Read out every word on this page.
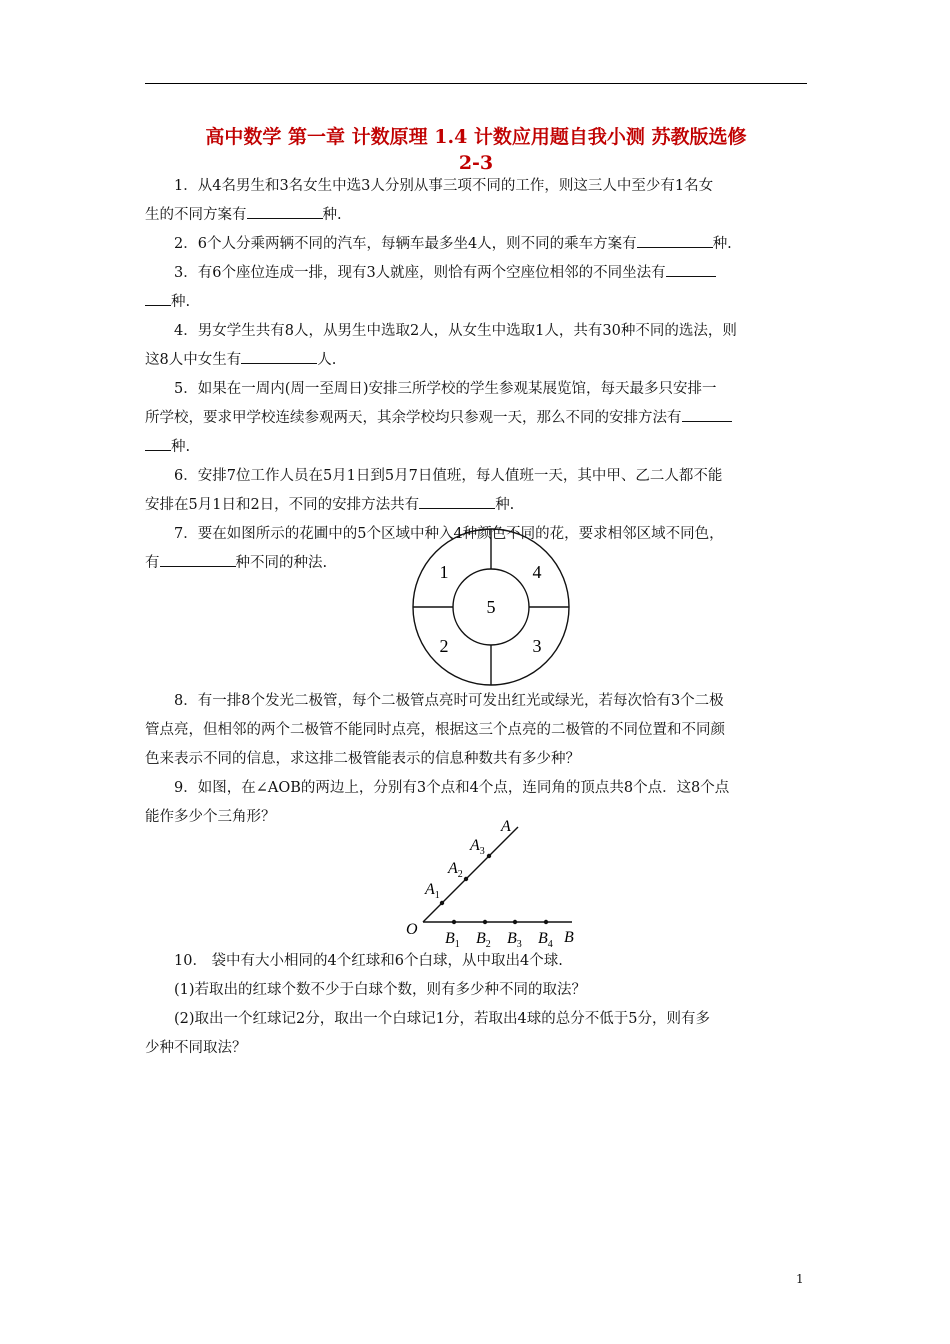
高中数学 第一章 计数原理 1.4 计数应用题自我小测 苏教版选修
2-3

1．从4名男生和3名女生中选3人分别从事三项不同的工作，则这三人中至少有1名女

生的不同方案有	种.

2．6个人分乘两辆不同的汽车，每辆车最多坐4人，则不同的乘车方案有	种.

3．有6个座位连成一排，现有3人就座，则恰有两个空座位相邻的不同坐法有

种.

4．男女学生共有8人，从男生中选取2人，从女生中选取1人，共有30种不同的选法，则

这8人中女生有	人.

5．如果在一周内(周一至周日)安排三所学校的学生参观某展览馆，每天最多只安排一

所学校，要求甲学校连续参观两天，其余学校均只参观一天，那么不同的安排方法有

种.

6．安排7位工作人员在5月1日到5月7日值班，每人值班一天，其中甲、乙二人都不能

安排在5月1日和2日，不同的安排方法共有	种.

7．要在如图所示的花圃中的5个区域中种入4种颜色不同的花，要求相邻区域不同色，

有	种不同的种法.	1	4
5
2	3

8．有一排8个发光二极管，每个二极管点亮时可发出红光或绿光，若每次恰有3个二极

管点亮，但相邻的两个二极管不能同时点亮，根据这三个点亮的二极管的不同位置和不同颜

色来表示不同的信息，求这排二极管能表示的信息种数共有多少种？

9．如图，在∠AOB的两边上，分别有3个点和4个点，连同角的顶点共8个点．这8个点

能作多少个三角形？

O
A
B
$A_1$
$A_2$
$A_3$
$B_1$ $B_2$ $B_3$ $B_4$

10． 袋中有大小相同的4个红球和6个白球，从中取出4个球.

(1)若取出的红球个数不少于白球个数，则有多少种不同的取法？

(2)取出一个红球记2分，取出一个白球记1分，若取出4球的总分不低于5分，则有多

少种不同取法？

1
